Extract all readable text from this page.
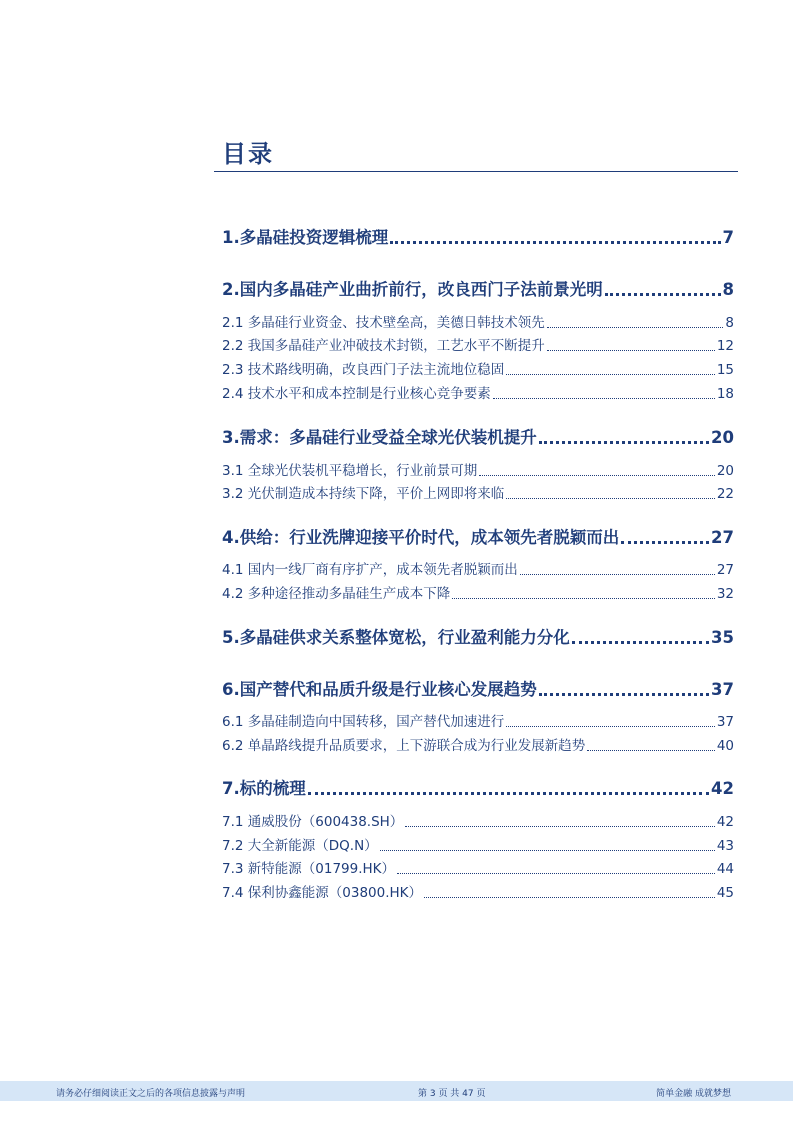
目录
1.多晶硅投资逻辑梳理	7
2.国内多晶硅产业曲折前行，改良西门子法前景光明	8
2.1 多晶硅行业资金、技术壁垒高，美德日韩技术领先	8
2.2 我国多晶硅产业冲破技术封锁，工艺水平不断提升	12
2.3 技术路线明确，改良西门子法主流地位稳固	15
2.4 技术水平和成本控制是行业核心竞争要素	18
3.需求：多晶硅行业受益全球光伏装机提升	20
3.1 全球光伏装机平稳增长，行业前景可期	20
3.2 光伏制造成本持续下降，平价上网即将来临	22
4.供给：行业洗牌迎接平价时代，成本领先者脱颖而出	27
4.1 国内一线厂商有序扩产，成本领先者脱颖而出	27
4.2 多种途径推动多晶硅生产成本下降	32
5.多晶硅供求关系整体宽松，行业盈利能力分化	35
6.国产替代和品质升级是行业核心发展趋势	37
6.1 多晶硅制造向中国转移，国产替代加速进行	37
6.2 单晶路线提升品质要求，上下游联合成为行业发展新趋势	40
7.标的梳理	42
7.1 通威股份（600438.SH）	42
7.2 大全新能源（DQ.N）	43
7.3 新特能源（01799.HK）	44
7.4 保利协鑫能源（03800.HK）	45
请务必仔细阅读正文之后的各项信息披露与声明	第 3 页 共 47 页	简单金融 成就梦想
